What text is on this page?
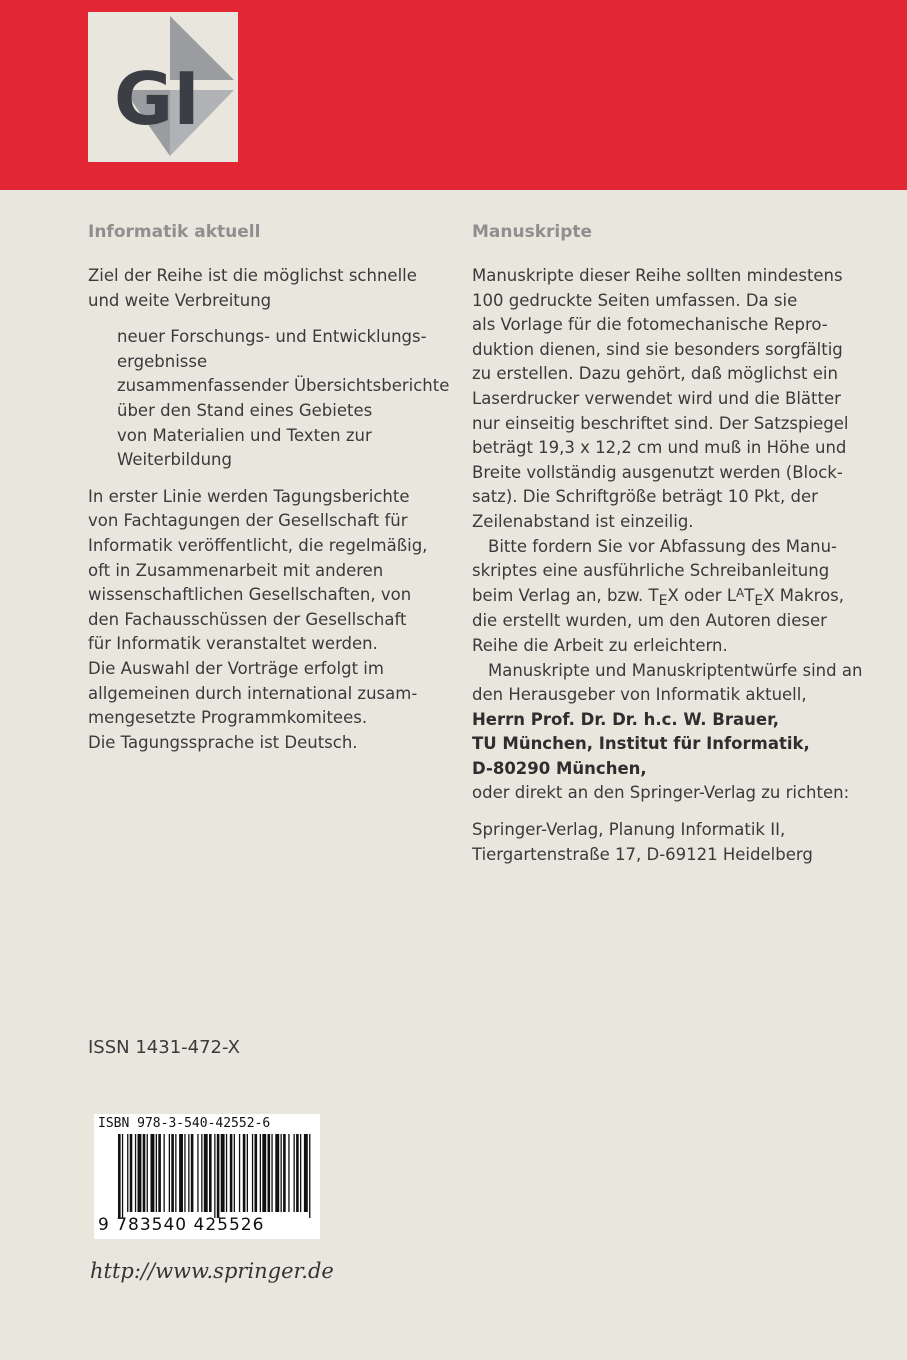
GI
Informatik aktuell
Ziel der Reihe ist die möglichst schnelle
und weite Verbreitung
neuer Forschungs- und Entwicklungs-
ergebnisse
zusammenfassender Übersichtsberichte
über den Stand eines Gebietes
von Materialien und Texten zur
Weiterbildung
In erster Linie werden Tagungsberichte
von Fachtagungen der Gesellschaft für
Informatik veröffentlicht, die regelmäßig,
oft in Zusammenarbeit mit anderen
wissenschaftlichen Gesellschaften, von
den Fachausschüssen der Gesellschaft
für Informatik veranstaltet werden.
Die Auswahl der Vorträge erfolgt im
allgemeinen durch international zusam-
mengesetzte Programmkomitees.
Die Tagungssprache ist Deutsch.
Manuskripte
Manuskripte dieser Reihe sollten mindestens
100 gedruckte Seiten umfassen. Da sie
als Vorlage für die fotomechanische Repro-
duktion dienen, sind sie besonders sorgfältig
zu erstellen. Dazu gehört, daß möglichst ein
Laserdrucker verwendet wird und die Blätter
nur einseitig beschriftet sind. Der Satzspiegel
beträgt 19,3 x 12,2 cm und muß in Höhe und
Breite vollständig ausgenutzt werden (Block-
satz). Die Schriftgröße beträgt 10 Pkt, der
Zeilenabstand ist einzeilig.
Bitte fordern Sie vor Abfassung des Manu-
skriptes eine ausführliche Schreibanleitung
beim Verlag an, bzw. $T_EX$ oder $L^AT_EX$ Makros,
die erstellt wurden, um den Autoren dieser
Reihe die Arbeit zu erleichtern.
Manuskripte und Manuskriptentwürfe sind an
den Herausgeber von Informatik aktuell,
Herrn Prof. Dr. Dr. h.c. W. Brauer,
TU München, Institut für Informatik,
D-80290 München,
oder direkt an den Springer-Verlag zu richten:
Springer-Verlag, Planung Informatik II,
Tiergartenstraße 17, D-69121 Heidelberg
ISSN 1431-472-X
ISBN 978-3-540-42552-6
9 783540 425526
http://www.springer.de
